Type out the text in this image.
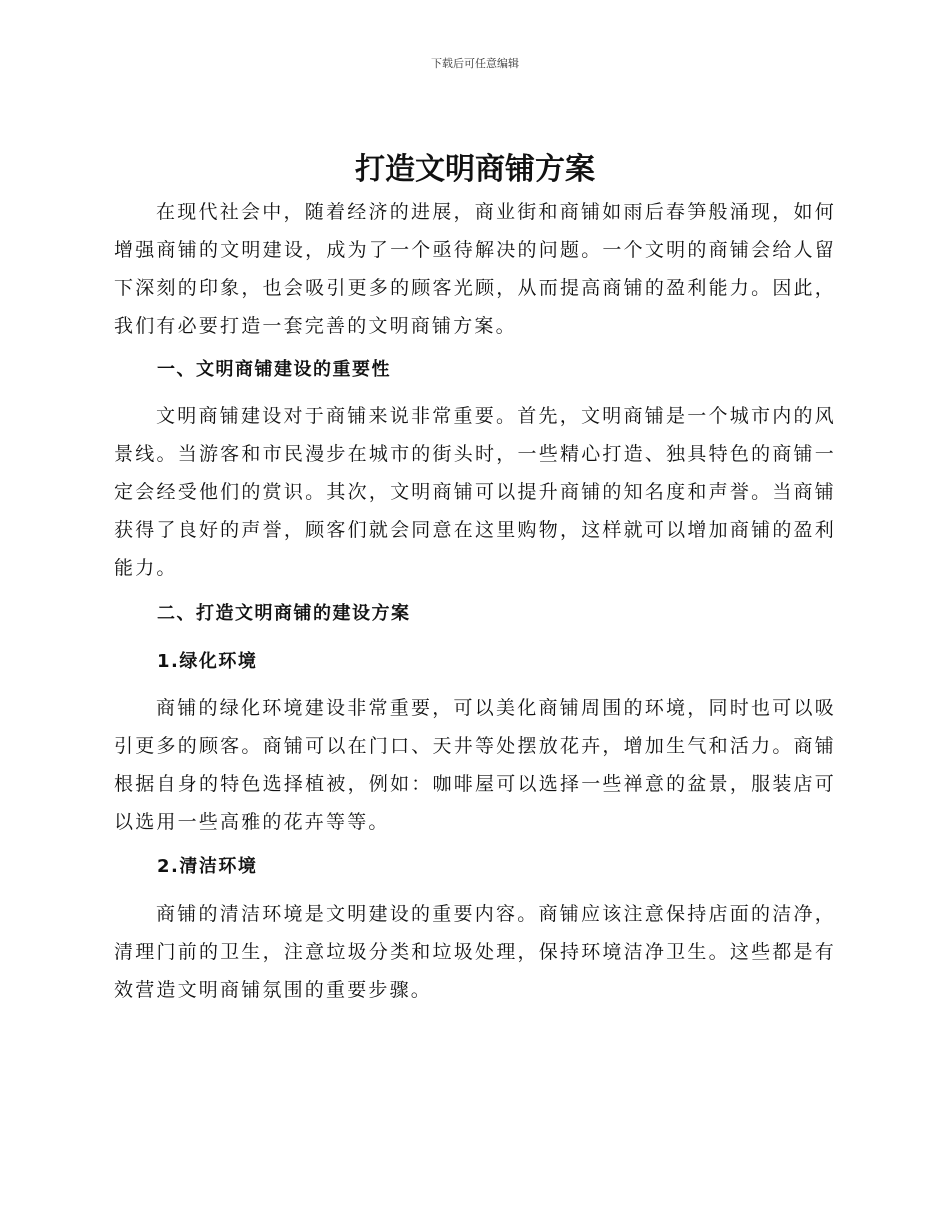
下载后可任意编辑
打造文明商铺方案

在现代社会中，随着经济的进展，商业街和商铺如雨后春笋般涌现，如何增强商铺的文明建设，成为了一个亟待解决的问题。一个文明的商铺会给人留下深刻的印象，也会吸引更多的顾客光顾，从而提高商铺的盈利能力。因此，我们有必要打造一套完善的文明商铺方案。

一、文明商铺建设的重要性

文明商铺建设对于商铺来说非常重要。首先，文明商铺是一个城市内的风景线。当游客和市民漫步在城市的街头时，一些精心打造、独具特色的商铺一定会经受他们的赏识。其次，文明商铺可以提升商铺的知名度和声誉。当商铺获得了良好的声誉，顾客们就会同意在这里购物，这样就可以增加商铺的盈利能力。

二、打造文明商铺的建设方案
1.绿化环境

商铺的绿化环境建设非常重要，可以美化商铺周围的环境，同时也可以吸引更多的顾客。商铺可以在门口、天井等处摆放花卉，增加生气和活力。商铺根据自身的特色选择植被，例如：咖啡屋可以选择一些禅意的盆景，服装店可以选用一些高雅的花卉等等。

2.清洁环境

商铺的清洁环境是文明建设的重要内容。商铺应该注意保持店面的洁净，清理门前的卫生，注意垃圾分类和垃圾处理，保持环境洁净卫生。这些都是有效营造文明商铺氛围的重要步骤。
